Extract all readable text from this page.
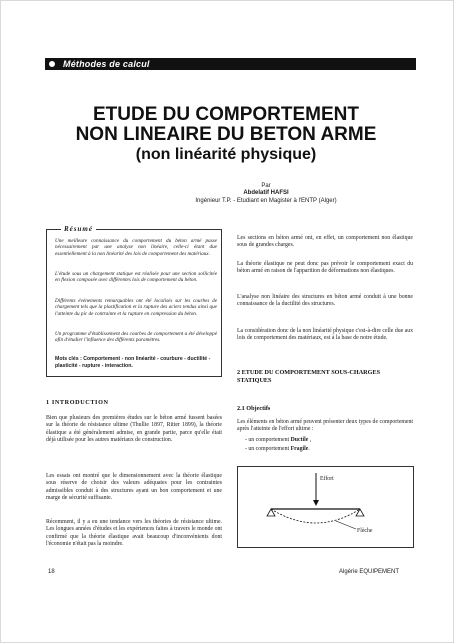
Méthodes de calcul
ETUDE DU COMPORTEMENT
NON LINEAIRE DU BETON ARME
(non linéarité physique)
Par
Abdelatif HAFSI
Ingénieur T.P. - Etudiant en Magister à l'ENTP (Alger)
Résumé

Une meilleure connaissance du comportement du béton armé passe nécessairement par une analyse non linéaire, celle-ci étant due essentiellement à la non linéarité des lois de comportement des matériaux.

L'étude sous un chargement statique est réalisée pour une section sollicitée en flexion composée avec différentes lois de comportement du béton.

Différents événements remarquables ont été localisés sur les courbes de chargement tels que la plastification et la rupture des aciers tendus ainsi que l'atteinte du pic de contrainte et la rupture en compression du béton.

Un programme d'établissement des courbes de comportement a été développé afin d'étudier l'influence des différents paramètres.

Mots clés : Comportement - non linéarité - courbure - ductilité - plasticité - rupture - interaction.
1 INTRODUCTION

Bien que plusieurs des premières études sur le béton armé fussent basées sur la théorie de résistance ultime (Thullie 1897, Ritter 1899), la théorie élastique a été généralement admise, en grande partie, parce qu'elle était déjà utilisée pour les autres matériaux de construction.

Les essais ont montré que le dimensionnement avec la théorie élastique sous réserve de choisir des valeurs adéquates pour les contraintes admissibles conduit à des structures ayant un bon comportement et une marge de sécurité suffisante.

Récemment, il y a eu une tendance vers les théories de résistance ultime. Les longues années d'études et les expériences faites à travers le monde ont confirmé que la théorie élastique avait beaucoup d'inconvénients dont l'économie n'était pas la moindre.

Les sections en béton armé ont, en effet, un comportement non élastique sous de grandes charges.

La théorie élastique ne peut donc pas prévoir le comportement exact du béton armé en raison de l'apparition de déformations non élastiques.

L'analyse non linéaire des structures en béton armé conduit à une bonne connaissance de la ductilité des structures.

La considération donc de la non linéarité physique c'est-à-dire celle due aux lois de comportement des matériaux, est à la base de notre étude.

2 ETUDE DU COMPORTEMENT SOUS-CHARGES STATIQUES
2.1 Objectifs

Les éléments en béton armé peuvent présenter deux types de comportement après l'atteinte de l'effort ultime :

- un comportement Ductile ,
- un comportement Fragile.
Effort
Flèche
18	Algérie EQUIPEMENT
